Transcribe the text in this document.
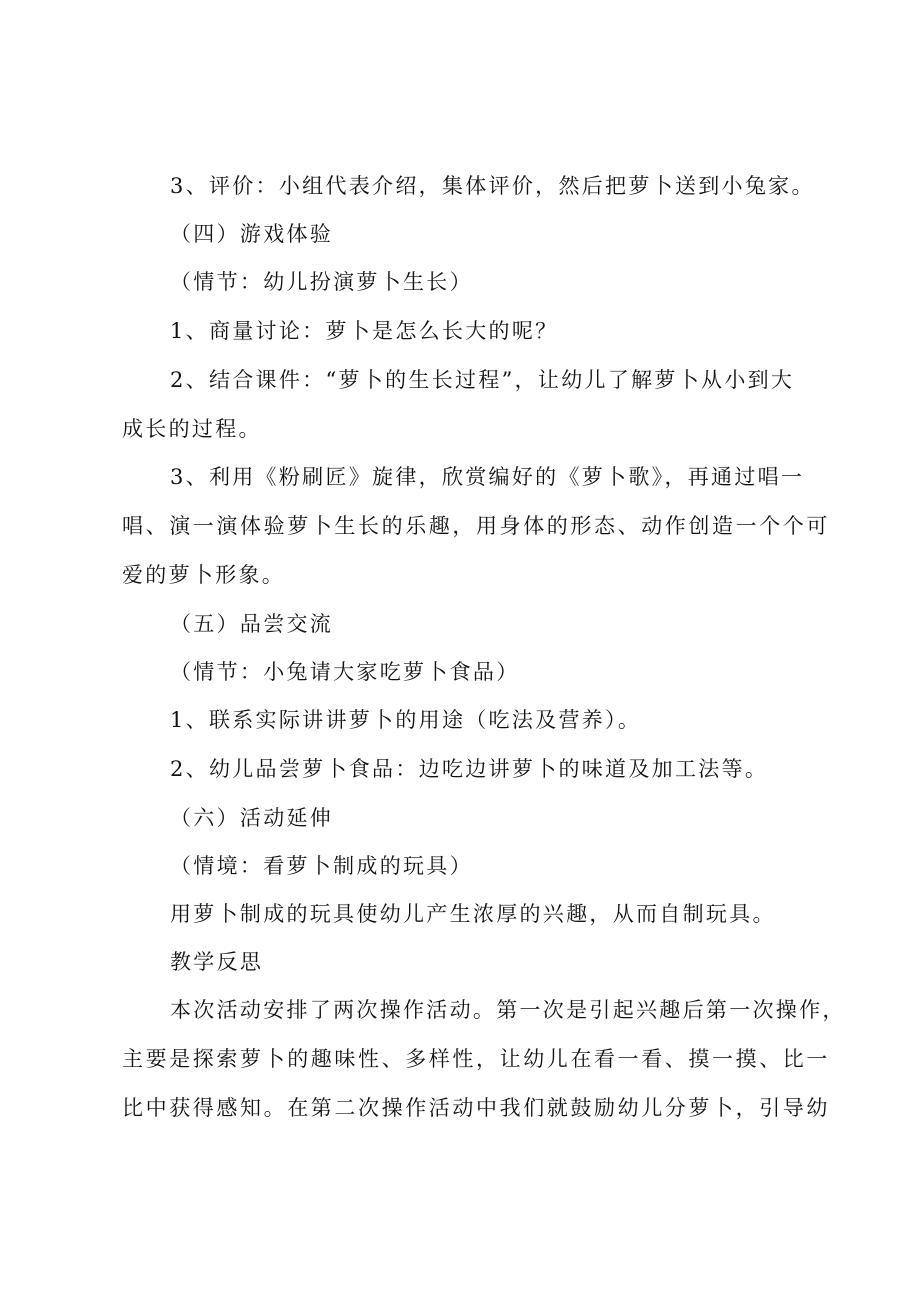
3、评价：小组代表介绍，集体评价，然后把萝卜送到小兔家。
（四）游戏体验
（情节：幼儿扮演萝卜生长）
1、商量讨论：萝卜是怎么长大的呢？
2、结合课件：“萝卜的生长过程”，让幼儿了解萝卜从小到大
成长的过程。
3、利用《粉刷匠》旋律，欣赏编好的《萝卜歌》，再通过唱一
唱、演一演体验萝卜生长的乐趣，用身体的形态、动作创造一个个可
爱的萝卜形象。
（五）品尝交流
（情节：小兔请大家吃萝卜食品）
1、联系实际讲讲萝卜的用途（吃法及营养）。
2、幼儿品尝萝卜食品：边吃边讲萝卜的味道及加工法等。
（六）活动延伸
（情境：看萝卜制成的玩具）
用萝卜制成的玩具使幼儿产生浓厚的兴趣，从而自制玩具。
教学反思
本次活动安排了两次操作活动。第一次是引起兴趣后第一次操作，
主要是探索萝卜的趣味性、多样性，让幼儿在看一看、摸一摸、比一
比中获得感知。在第二次操作活动中我们就鼓励幼儿分萝卜，引导幼
